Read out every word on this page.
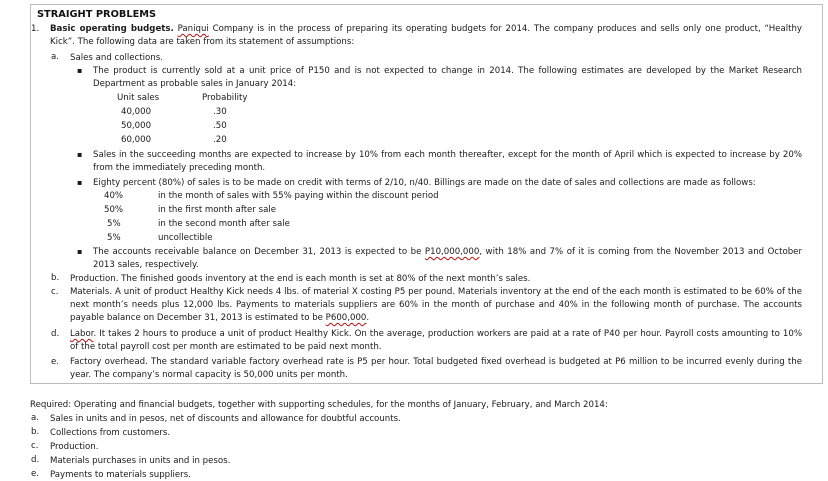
STRAIGHT PROBLEMS
1. Basic operating budgets. Paniqui Company is in the process of preparing its operating budgets for 2014. The company produces and sells only one product, “Healthy Kick”. The following data are taken from its statement of assumptions:
a. Sales and collections.
▪ The product is currently sold at a unit price of P150 and is not expected to change in 2014. The following estimates are developed by the Market Research Department as probable sales in January 2014:
Unit sales	Probability
40,000	.30
50,000	.50
60,000	.20
▪ Sales in the succeeding months are expected to increase by 10% from each month thereafter, except for the month of April which is expected to increase by 20% from the immediately preceding month.
▪ Eighty percent (80%) of sales is to be made on credit with terms of 2/10, n/40. Billings are made on the date of sales and collections are made as follows:
40%	in the month of sales with 55% paying within the discount period
50%	in the first month after sale
5%	in the second month after sale
5%	uncollectible
▪ The accounts receivable balance on December 31, 2013 is expected to be P10,000,000, with 18% and 7% of it is coming from the November 2013 and October 2013 sales, respectively.
b. Production. The finished goods inventory at the end is each month is set at 80% of the next month’s sales.
c. Materials. A unit of product Healthy Kick needs 4 lbs. of material X costing P5 per pound. Materials inventory at the end of the each month is estimated to be 60% of the next month’s needs plus 12,000 lbs. Payments to materials suppliers are 60% in the month of purchase and 40% in the following month of purchase. The accounts payable balance on December 31, 2013 is estimated to be P600,000.
d. Labor. It takes 2 hours to produce a unit of product Healthy Kick. On the average, production workers are paid at a rate of P40 per hour. Payroll costs amounting to 10% of the total payroll cost per month are estimated to be paid next month.
e. Factory overhead. The standard variable factory overhead rate is P5 per hour. Total budgeted fixed overhead is budgeted at P6 million to be incurred evenly during the year. The company’s normal capacity is 50,000 units per month.
Required: Operating and financial budgets, together with supporting schedules, for the months of January, February, and March 2014:
a. Sales in units and in pesos, net of discounts and allowance for doubtful accounts.
b. Collections from customers.
c. Production.
d. Materials purchases in units and in pesos.
e. Payments to materials suppliers.
